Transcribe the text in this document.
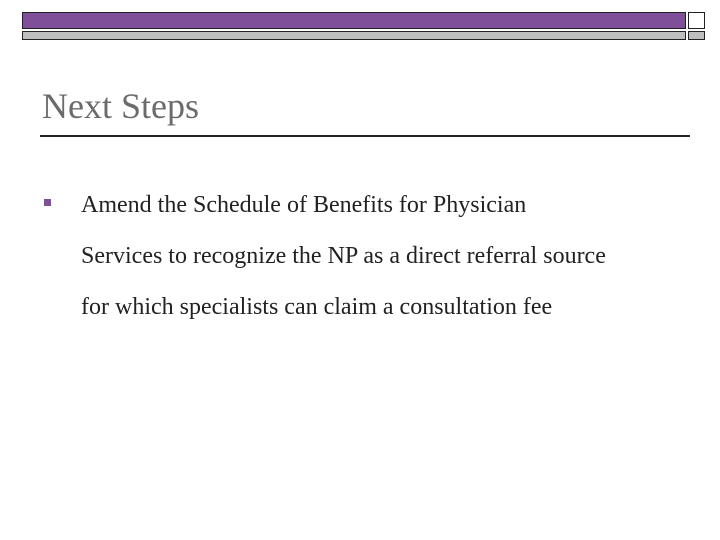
Next Steps
Amend the Schedule of Benefits for Physician
Services to recognize the NP as a direct referral source
for which specialists can claim a consultation fee
